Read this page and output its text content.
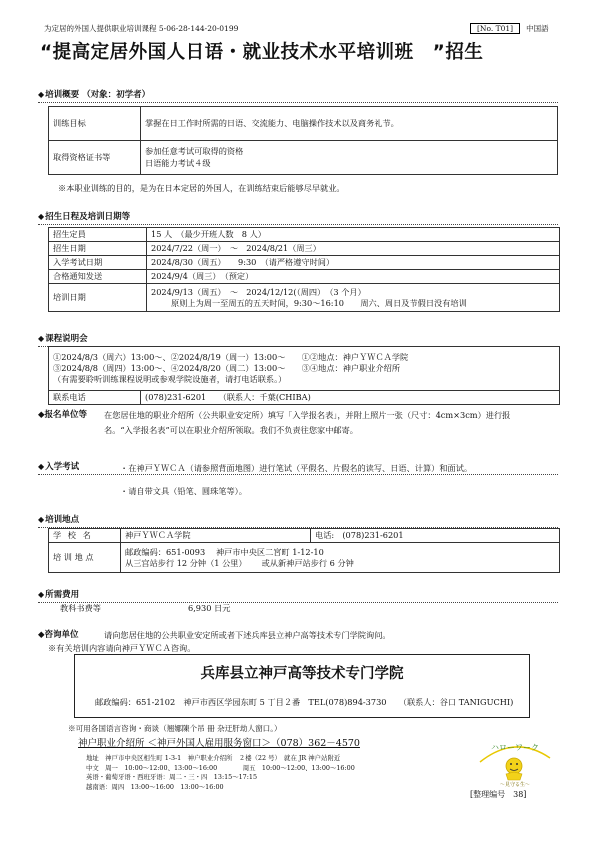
为定居的外国人提供职业培训课程 5-06-28-144-20-0199	[No. T01] 中国語
“提高定居外国人日语・就业技术水平培训班　”招生
◆培训概要 （对象：初学者）
训练目标	掌握在日工作时所需的日语、交流能力、电脑操作技术以及商务礼节。
取得资格证书等	参加任意考试可取得的资格
日语能力考试４级
※本职业训练的目的，是为在日本定居的外国人，在训练结束后能够尽早就业。
◆招生日程及培训日期等
招生定員	15 人　（最少开班人数　8 人）
招生日期	2024/7/22（周一）　～　2024/8/21（周三）
入学考试日期	2024/8/30（周五）　　9:30　（请严格遵守时间）
合格通知发送	2024/9/4（周三）　（预定）
培训日期	2024/9/13（周五）　～　2024/12/12(（周四）　（3 个月）
原则上为周一至周五的五天时间，9:30～16:10　　周六、周日及节假日没有培训
◆课程说明会
①2024/8/3（周六）13:00～、②2024/8/19（周一）13:00～　　①②地点：神户ＹＷＣＡ学院
③2024/8/8（周四）13:00～、④2024/8/20（周二）13:00～　　③④地点：神户职业介绍所
（有需要聆听训练课程说明或参观学院设施者，请打电话联系。）

联系电话	(078)231-6201　　（联系人：千葉(CHIBA)
◆报名单位等 在您居住地的职业介绍所（公共职业安定所）填写「入学报名表」，并附上照片一张（尺寸：4cm×3cm）进行报
名。“入学报名表”可以在职业介绍所领取。我们不负责往您家中邮寄。
◆入学考试	・在神戸ＹＷＣＡ（请参照背面地图）进行笔试（平假名、片假名的读写、日语、计算）和面试。
・请自带文具（铅笔、圆珠笔等）。
◆培训地点
学 校 名	神戸ＹＷＣＡ学院	电话:　 (078)231-6201
培 训 地 点	邮政编码：651-0093　 神戸市中央区二宮町 1-12-10
从三宫站步行 12 分钟（1 公里）　　 或从新神戸站步行 6 分钟	
◆所需费用
教科书费等	6,930 日元
◆咨询单位	请向您居住地的公共职业安定所或者下述兵库县立神户高等技术专门学院询问。
※有关培训内容请向神戸ＹＷＣＡ咨询。
兵库县立神戸高等技术专门学院
邮政编码：651-2102　神戸市西区学园东町 5 丁目２番　TEL(078)894-3730　　（联系人：谷口 TANIGUCHI)
※可用各国语言咨询・商谈（翘娜陳个吊 冊 杂迂肝劫人窗口。）
神户职业介绍所 ＜神戸外国人雇用服务窗口＞（078）362－4570
地址　神戸市中央区相生町 1-3-1　神户职业介绍所　２楼（22 号）　就在 JR 神户站附近
中文　周一　10:00～12:00、13:00～16:00　　　　周五　10:00～12:00、13:00～16:00
英语・葡萄牙语・西班牙语：周二・三・四　13:15～17:15
越南语：周四　13:00～16:00　13:00～16:00
ハローワーク
～見守る生～
[整理编号　38]
